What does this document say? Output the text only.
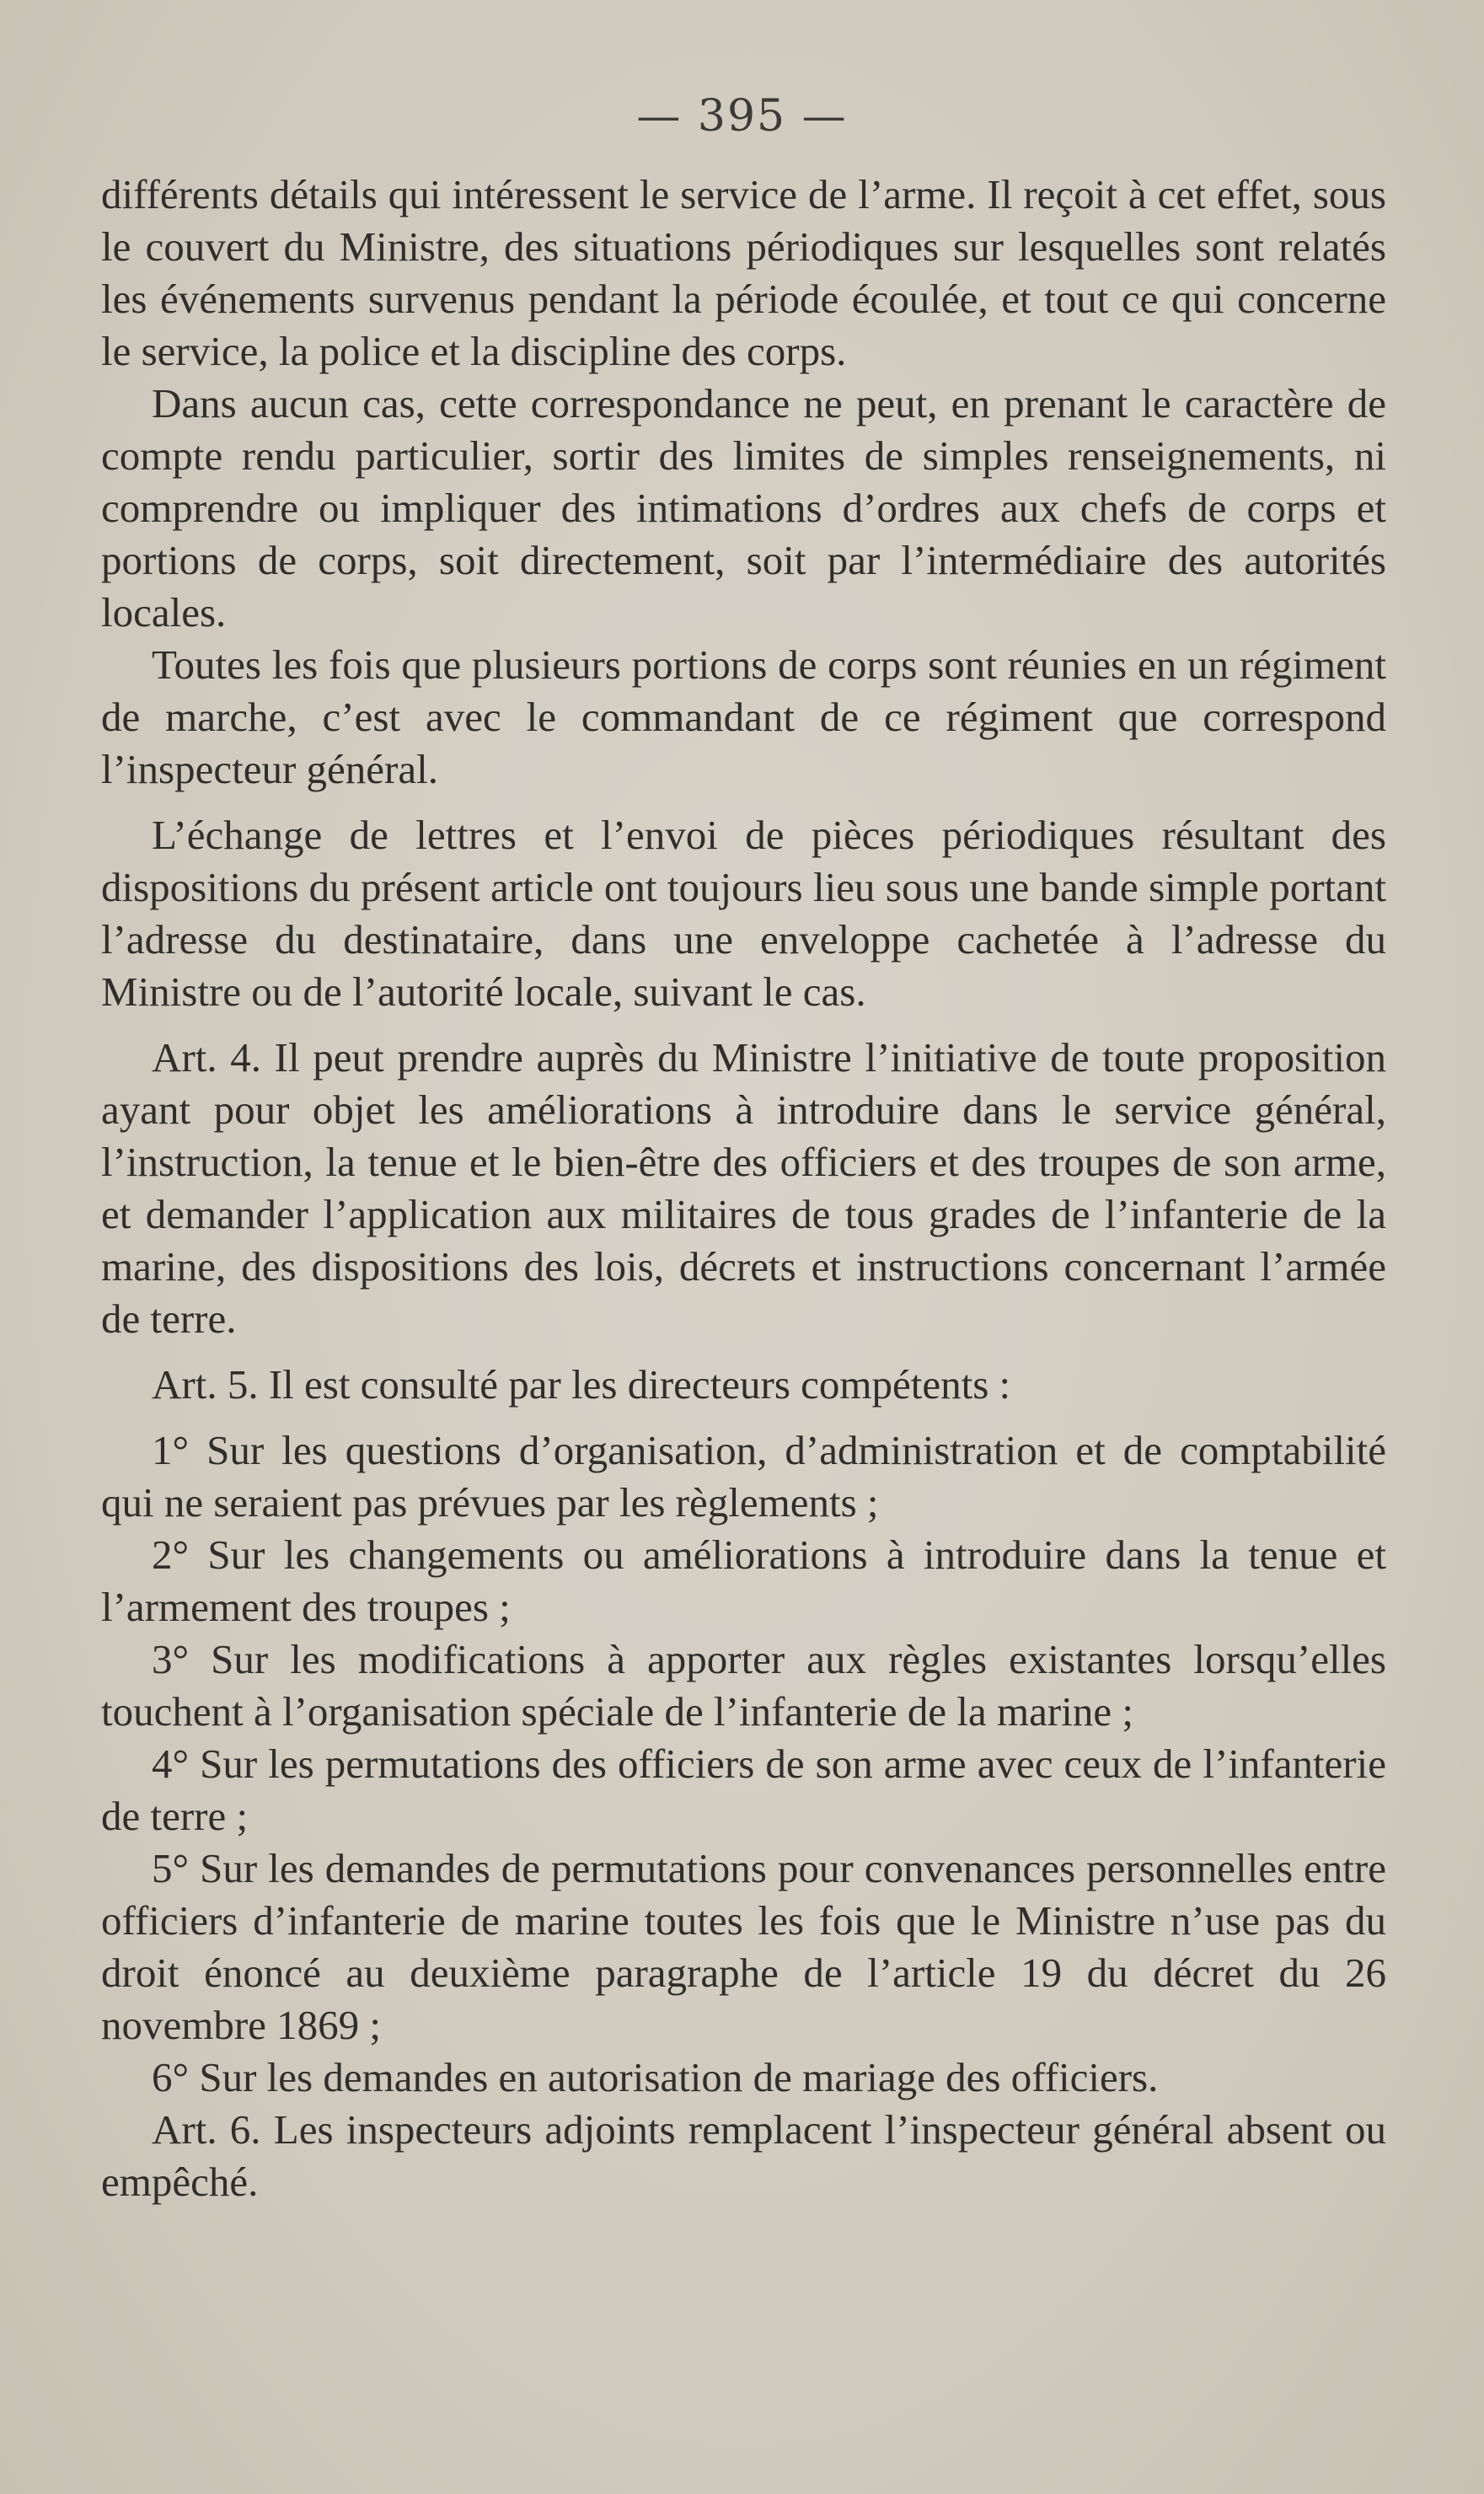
— 395 —

différents détails qui intéressent le service de l’arme. Il reçoit à cet effet, sous le couvert du Ministre, des situations périodiques sur lesquelles sont relatés les événements survenus pendant la période écoulée, et tout ce qui concerne le service, la police et la discipline des corps.

Dans aucun cas, cette correspondance ne peut, en prenant le caractère de compte rendu particulier, sortir des limites de simples renseignements, ni comprendre ou impliquer des intimations d’ordres aux chefs de corps et portions de corps, soit directement, soit par l’intermédiaire des autorités locales.

Toutes les fois que plusieurs portions de corps sont réunies en un régiment de marche, c’est avec le commandant de ce régiment que correspond l’inspecteur général.

L’échange de lettres et l’envoi de pièces périodiques résultant des dispositions du présent article ont toujours lieu sous une bande simple portant l’adresse du destinataire, dans une enveloppe cachetée à l’adresse du Ministre ou de l’autorité locale, suivant le cas.

Art. 4. Il peut prendre auprès du Ministre l’initiative de toute proposition ayant pour objet les améliorations à introduire dans le service général, l’instruction, la tenue et le bien-être des officiers et des troupes de son arme, et demander l’application aux militaires de tous grades de l’infanterie de la marine, des dispositions des lois, décrets et instructions concernant l’armée de terre.

Art. 5. Il est consulté par les directeurs compétents :

1° Sur les questions d’organisation, d’administration et de comptabilité qui ne seraient pas prévues par les règlements ;

2° Sur les changements ou améliorations à introduire dans la tenue et l’armement des troupes ;

3° Sur les modifications à apporter aux règles existantes lorsqu’elles touchent à l’organisation spéciale de l’infanterie de la marine ;

4° Sur les permutations des officiers de son arme avec ceux de l’infanterie de terre ;

5° Sur les demandes de permutations pour convenances personnelles entre officiers d’infanterie de marine toutes les fois que le Ministre n’use pas du droit énoncé au deuxième paragraphe de l’article 19 du décret du 26 novembre 1869 ;

6° Sur les demandes en autorisation de mariage des officiers.

Art. 6. Les inspecteurs adjoints remplacent l’inspecteur général absent ou empêché.
